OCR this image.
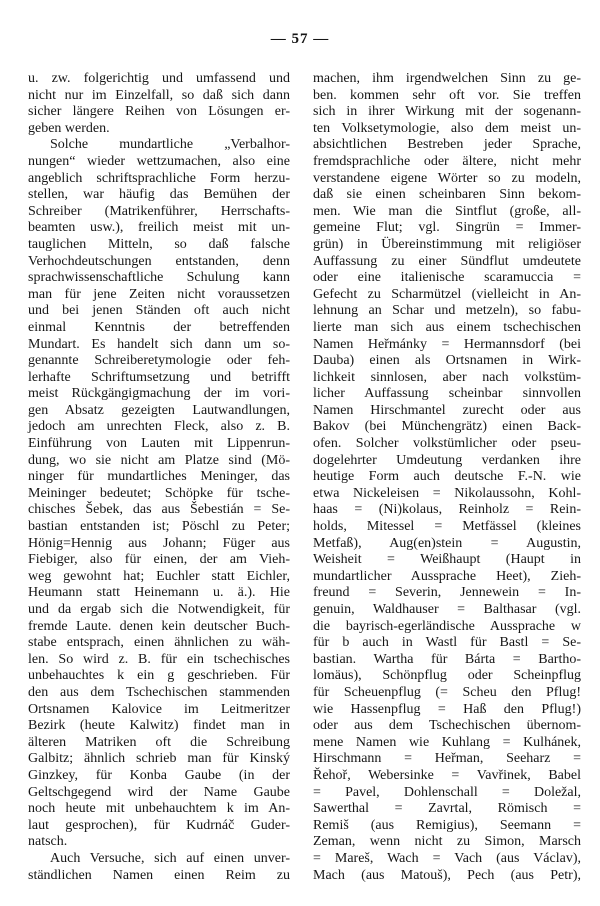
— 57 —
u. zw. folgerichtig und umfassend und
nicht nur im Einzelfall, so daß sich dann
sicher längere Reihen von Lösungen er-
geben werden.
Solche mundartliche „Verbalhor-
nungen“ wieder wettzumachen, also eine
angeblich schriftsprachliche Form herzu-
stellen, war häufig das Bemühen der
Schreiber (Matrikenführer, Herrschafts-
beamten usw.), freilich meist mit un-
tauglichen Mitteln, so daß falsche
Verhochdeutschungen entstanden, denn
sprachwissenschaftliche Schulung kann
man für jene Zeiten nicht voraussetzen
und bei jenen Ständen oft auch nicht
einmal Kenntnis der betreffenden
Mundart. Es handelt sich dann um so-
genannte Schreiberetymologie oder feh-
lerhafte Schriftumsetzung und betrifft
meist Rückgängigmachung der im vori-
gen Absatz gezeigten Lautwandlungen,
jedoch am unrechten Fleck, also z. B.
Einführung von Lauten mit Lippenrun-
dung, wo sie nicht am Platze sind (Mö-
ninger für mundartliches Meninger, das
Meininger bedeutet; Schöpke für tsche-
chisches Šebek, das aus Šebestián = Se-
bastian entstanden ist; Pöschl zu Peter;
Hönig=Hennig aus Johann; Füger aus
Fiebiger, also für einen, der am Vieh-
weg gewohnt hat; Euchler statt Eichler,
Heumann statt Heinemann u. ä.). Hie
und da ergab sich die Notwendigkeit, für
fremde Laute. denen kein deutscher Buch-
stabe entsprach, einen ähnlichen zu wäh-
len. So wird z. B. für ein tschechisches
unbehauchtes k ein g geschrieben. Für
den aus dem Tschechischen stammenden
Ortsnamen Kalovice im Leitmeritzer
Bezirk (heute Kalwitz) findet man in
älteren Matriken oft die Schreibung
Galbitz; ähnlich schrieb man für Kinský
Ginzkey, für Konba Gaube (in der
Geltschgegend wird der Name Gaube
noch heute mit unbehauchtem k im An-
laut gesprochen), für Kudrnáč Guder-
natsch.
Auch Versuche, sich auf einen unver-
ständlichen Namen einen Reim zu
machen, ihm irgendwelchen Sinn zu ge-
ben. kommen sehr oft vor. Sie treffen
sich in ihrer Wirkung mit der sogenann-
ten Volksetymologie, also dem meist un-
absichtlichen Bestreben jeder Sprache,
fremdsprachliche oder ältere, nicht mehr
verstandene eigene Wörter so zu modeln,
daß sie einen scheinbaren Sinn bekom-
men. Wie man die Sintflut (große, all-
gemeine Flut; vgl. Singrün = Immer-
grün) in Übereinstimmung mit religiöser
Auffassung zu einer Sündflut umdeutete
oder eine italienische scaramuccia =
Gefecht zu Scharmützel (vielleicht in An-
lehnung an Schar und metzeln), so fabu-
lierte man sich aus einem tschechischen
Namen Heřmánky = Hermannsdorf (bei
Dauba) einen als Ortsnamen in Wirk-
lichkeit sinnlosen, aber nach volkstüm-
licher Auffassung scheinbar sinnvollen
Namen Hirschmantel zurecht oder aus
Bakov (bei Münchengrätz) einen Back-
ofen. Solcher volkstümlicher oder pseu-
dogelehrter Umdeutung verdanken ihre
heutige Form auch deutsche F.-N. wie
etwa Nickeleisen = Nikolaussohn, Kohl-
haas = (Ni)kolaus, Reinholz = Rein-
holds, Mitessel = Metfässel (kleines
Metfaß), Aug(en)stein = Augustin,
Weisheit = Weißhaupt (Haupt in
mundartlicher Aussprache Heet), Zieh-
freund = Severin, Jennewein = In-
genuin, Waldhauser = Balthasar (vgl.
die bayrisch-egerländische Aussprache w
für b auch in Wastl für Bastl = Se-
bastian. Wartha für Bárta = Bartho-
lomäus), Schönpflug oder Scheinpflug
für Scheuenpflug (= Scheu den Pflug!
wie Hassenpflug = Haß den Pflug!)
oder aus dem Tschechischen übernom-
mene Namen wie Kuhlang = Kulhánek,
Hirschmann = Heřman, Seeharz =
Řehoř, Webersinke = Vavřinek, Babel
= Pavel, Dohlenschall = Doležal,
Sawerthal = Zavrtal, Römisch =
Remiš (aus Remigius), Seemann =
Zeman, wenn nicht zu Simon, Marsch
= Mareš, Wach = Vach (aus Václav),
Mach (aus Matouš), Pech (aus Petr),
